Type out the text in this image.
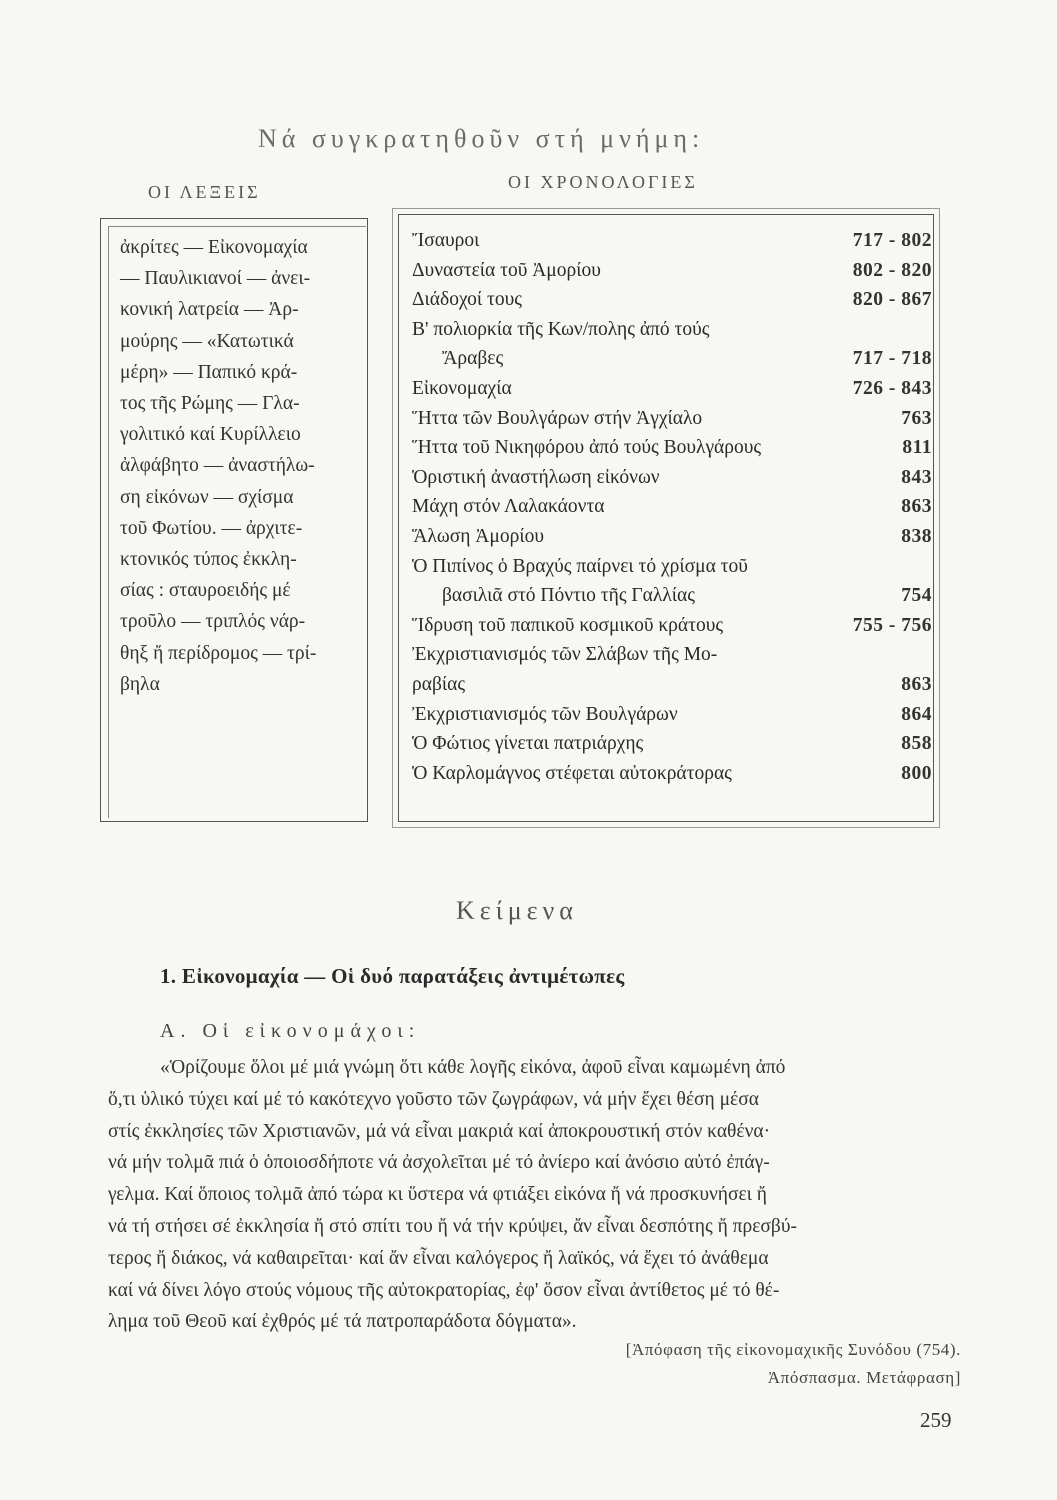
Νά συγκρατηθοῦν στή μνήμη:
ΟΙ ΛΕΞΕΙΣ	ΟΙ ΧΡΟΝΟΛΟΓΙΕΣ
ἀκρίτες — Εἰκονομαχία
— Παυλικιανοί — ἀνει-
κονική λατρεία — Ἀρ-
μούρης — «Κατωτικά
μέρη» — Παπικό κρά-
τος τῆς Ρώμης — Γλα-
γολιτικό καί Κυρίλλειο
ἀλφάβητο — ἀναστήλω-
ση εἰκόνων — σχίσμα
τοῦ Φωτίου. — ἀρχιτε-
κτονικός τύπος ἐκκλη-
σίας : σταυροειδής μέ
τροῦλο — τριπλός νάρ-
θηξ ἤ περίδρομος — τρί-
βηλα
Ἴσαυροι	717 - 802
Δυναστεία τοῦ Ἀμορίου	802 - 820
Διάδοχοί τους	820 - 867
Β' πολιορκία τῆς Κων/πολης ἀπό τούς
Ἄραβες	717 - 718
Εἰκονομαχία	726 - 843
Ἥττα τῶν Βουλγάρων στήν Ἀγχίαλο	763
Ἥττα τοῦ Νικηφόρου ἀπό τούς Βουλγάρους	811
Ὁριστική ἀναστήλωση εἰκόνων	843
Μάχη στόν Λαλακάοντα	863
Ἅλωση Ἀμορίου	838
Ὁ Πιπίνος ὁ Βραχύς παίρνει τό χρίσμα τοῦ
βασιλιᾶ στό Πόντιο τῆς Γαλλίας	754
Ἵδρυση τοῦ παπικοῦ κοσμικοῦ κράτους	755 - 756
Ἐκχριστιανισμός τῶν Σλάβων τῆς Μο-
ραβίας	863
Ἐκχριστιανισμός τῶν Βουλγάρων	864
Ὁ Φώτιος γίνεται πατριάρχης	858
Ὁ Καρλομάγνος στέφεται αὐτοκράτορας	800
Κείμενα
1. Εἰκονομαχία — Οἱ δυό παρατάξεις ἀντιμέτωπες
Α. Οἱ εἰκονομάχοι:
«Ὁρίζουμε ὅλοι μέ μιά γνώμη ὅτι κάθε λογῆς εἰκόνα, ἀφοῦ εἶναι καμωμένη ἀπό
ὅ,τι ὑλικό τύχει καί μέ τό κακότεχνο γοῦστο τῶν ζωγράφων, νά μήν ἔχει θέση μέσα
στίς ἐκκλησίες τῶν Χριστιανῶν, μά νά εἶναι μακριά καί ἀποκρουστική στόν καθένα·
νά μήν τολμᾶ πιά ὁ ὁποιοσδήποτε νά ἀσχολεῖται μέ τό ἀνίερο καί ἀνόσιο αὐτό ἐπάγ-
γελμα. Καί ὅποιος τολμᾶ ἀπό τώρα κι ὕστερα νά φτιάξει εἰκόνα ἤ νά προσκυνήσει ἤ
νά τή στήσει σέ ἐκκλησία ἤ στό σπίτι του ἤ νά τήν κρύψει, ἄν εἶναι δεσπότης ἤ πρεσβύ-
τερος ἤ διάκος, νά καθαιρεῖται· καί ἄν εἶναι καλόγερος ἤ λαϊκός, νά ἔχει τό ἀνάθεμα
καί νά δίνει λόγο στούς νόμους τῆς αὐτοκρατορίας, ἐφ' ὅσον εἶναι ἀντίθετος μέ τό θέ-
λημα τοῦ Θεοῦ καί ἐχθρός μέ τά πατροπαράδοτα δόγματα».
[Ἀπόφαση τῆς εἰκονομαχικῆς Συνόδου (754).
Ἀπόσπασμα. Μετάφραση]
259
